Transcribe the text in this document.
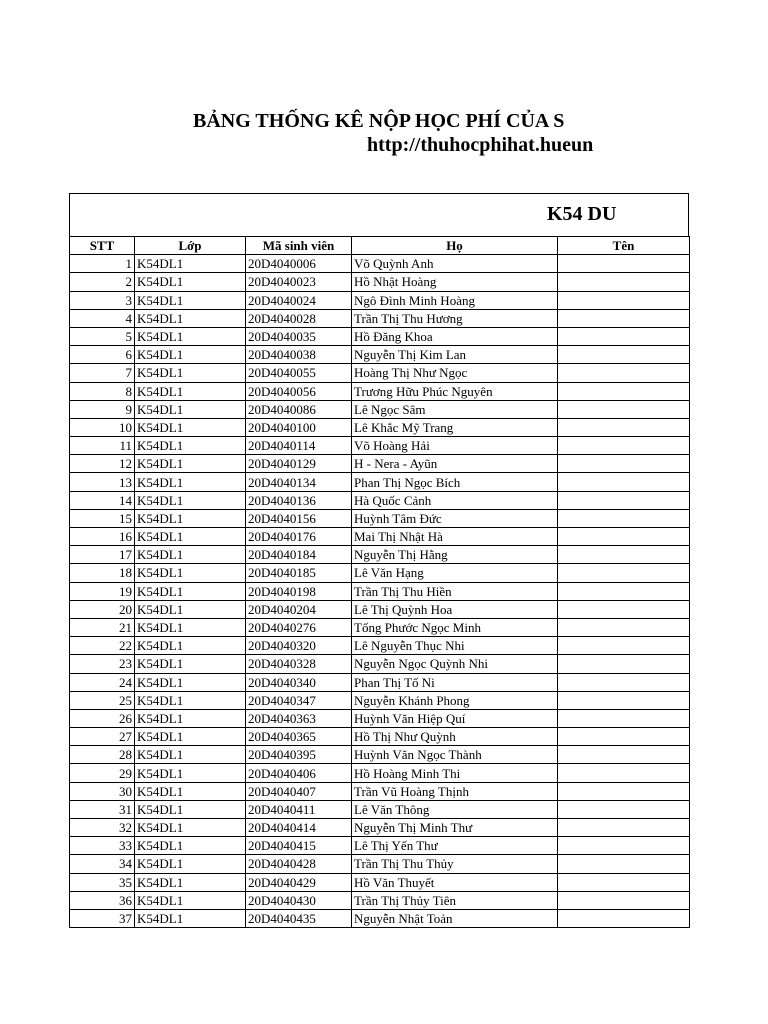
BẢNG THỐNG KÊ NỘP HỌC PHÍ CỦA S
http://thuhocphihat.hueun
K54 DU
STT	Lớp	Mã sinh viên	Họ	Tên
1	K54DL1	20D4040006	Võ Quỳnh Anh	
2	K54DL1	20D4040023	Hồ Nhật Hoàng	
3	K54DL1	20D4040024	Ngô Đình Minh Hoàng	
4	K54DL1	20D4040028	Trần Thị Thu Hương	
5	K54DL1	20D4040035	Hồ Đăng Khoa	
6	K54DL1	20D4040038	Nguyễn Thị Kim Lan	
7	K54DL1	20D4040055	Hoàng Thị Như Ngọc	
8	K54DL1	20D4040056	Trương Hữu Phúc Nguyên	
9	K54DL1	20D4040086	Lê Ngọc Sâm	
10	K54DL1	20D4040100	Lê Khắc Mỹ Trang	
11	K54DL1	20D4040114	Võ Hoàng Hải	
12	K54DL1	20D4040129	H - Nera - Ayũn	
13	K54DL1	20D4040134	Phan Thị Ngọc Bích	
14	K54DL1	20D4040136	Hà Quốc Cảnh	
15	K54DL1	20D4040156	Huỳnh Tâm Đức	
16	K54DL1	20D4040176	Mai Thị Nhật Hà	
17	K54DL1	20D4040184	Nguyễn Thị Hằng	
18	K54DL1	20D4040185	Lê Văn Hạng	
19	K54DL1	20D4040198	Trần Thị Thu Hiền	
20	K54DL1	20D4040204	Lê Thị Quỳnh Hoa	
21	K54DL1	20D4040276	Tống Phước Ngọc Minh	
22	K54DL1	20D4040320	Lê Nguyễn Thục Nhi	
23	K54DL1	20D4040328	Nguyễn Ngọc Quỳnh Nhi	
24	K54DL1	20D4040340	Phan Thị Tố Ni	
25	K54DL1	20D4040347	Nguyễn Khánh Phong	
26	K54DL1	20D4040363	Huỳnh Văn Hiệp Quí	
27	K54DL1	20D4040365	Hồ Thị Như Quỳnh	
28	K54DL1	20D4040395	Huỳnh Văn Ngọc Thành	
29	K54DL1	20D4040406	Hồ Hoàng Minh Thi	
30	K54DL1	20D4040407	Trần Vũ Hoàng Thịnh	
31	K54DL1	20D4040411	Lê Văn Thông	
32	K54DL1	20D4040414	Nguyễn Thị Minh Thư	
33	K54DL1	20D4040415	Lê Thị Yến Thư	
34	K54DL1	20D4040428	Trần Thị Thu Thủy	
35	K54DL1	20D4040429	Hồ Văn Thuyết	
36	K54DL1	20D4040430	Trần Thị Thủy Tiên	
37	K54DL1	20D4040435	Nguyễn Nhật Toản	
